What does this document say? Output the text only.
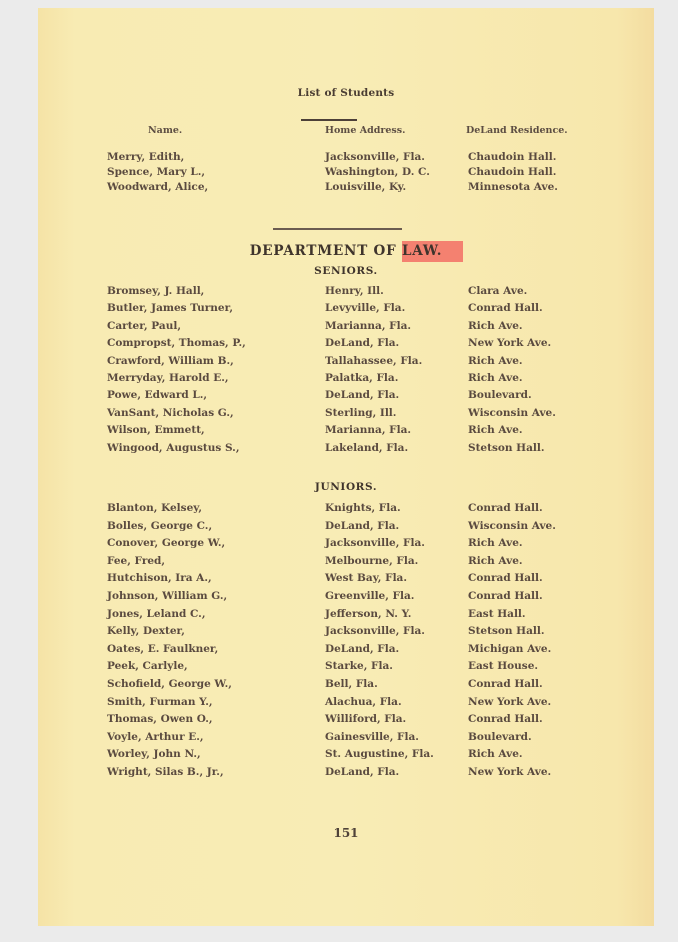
List of Students
Name.	Home Address.	DeLand Residence.
Merry, Edith,	Jacksonville, Fla.	Chaudoin Hall.
Spence, Mary L.,	Washington, D. C.	Chaudoin Hall.
Woodward, Alice,	Louisville, Ky.	Minnesota Ave.
DEPARTMENT OF LAW.
SENIORS.
Bromsey, J. Hall,	Henry, Ill.	Clara Ave.
Butler, James Turner,	Levyville, Fla.	Conrad Hall.
Carter, Paul,	Marianna, Fla.	Rich Ave.
Compropst, Thomas, P.,	DeLand, Fla.	New York Ave.
Crawford, William B.,	Tallahassee, Fla.	Rich Ave.
Merryday, Harold E.,	Palatka, Fla.	Rich Ave.
Powe, Edward L.,	DeLand, Fla.	Boulevard.
VanSant, Nicholas G.,	Sterling, Ill.	Wisconsin Ave.
Wilson, Emmett,	Marianna, Fla.	Rich Ave.
Wingood, Augustus S.,	Lakeland, Fla.	Stetson Hall.
JUNIORS.
Blanton, Kelsey,	Knights, Fla.	Conrad Hall.
Bolles, George C.,	DeLand, Fla.	Wisconsin Ave.
Conover, George W.,	Jacksonville, Fla.	Rich Ave.
Fee, Fred,	Melbourne, Fla.	Rich Ave.
Hutchison, Ira A.,	West Bay, Fla.	Conrad Hall.
Johnson, William G.,	Greenville, Fla.	Conrad Hall.
Jones, Leland C.,	Jefferson, N. Y.	East Hall.
Kelly, Dexter,	Jacksonville, Fla.	Stetson Hall.
Oates, E. Faulkner,	DeLand, Fla.	Michigan Ave.
Peek, Carlyle,	Starke, Fla.	East House.
Schofield, George W.,	Bell, Fla.	Conrad Hall.
Smith, Furman Y.,	Alachua, Fla.	New York Ave.
Thomas, Owen O.,	Williford, Fla.	Conrad Hall.
Voyle, Arthur E.,	Gainesville, Fla.	Boulevard.
Worley, John N.,	St. Augustine, Fla.	Rich Ave.
Wright, Silas B., Jr.,	DeLand, Fla.	New York Ave.
151
